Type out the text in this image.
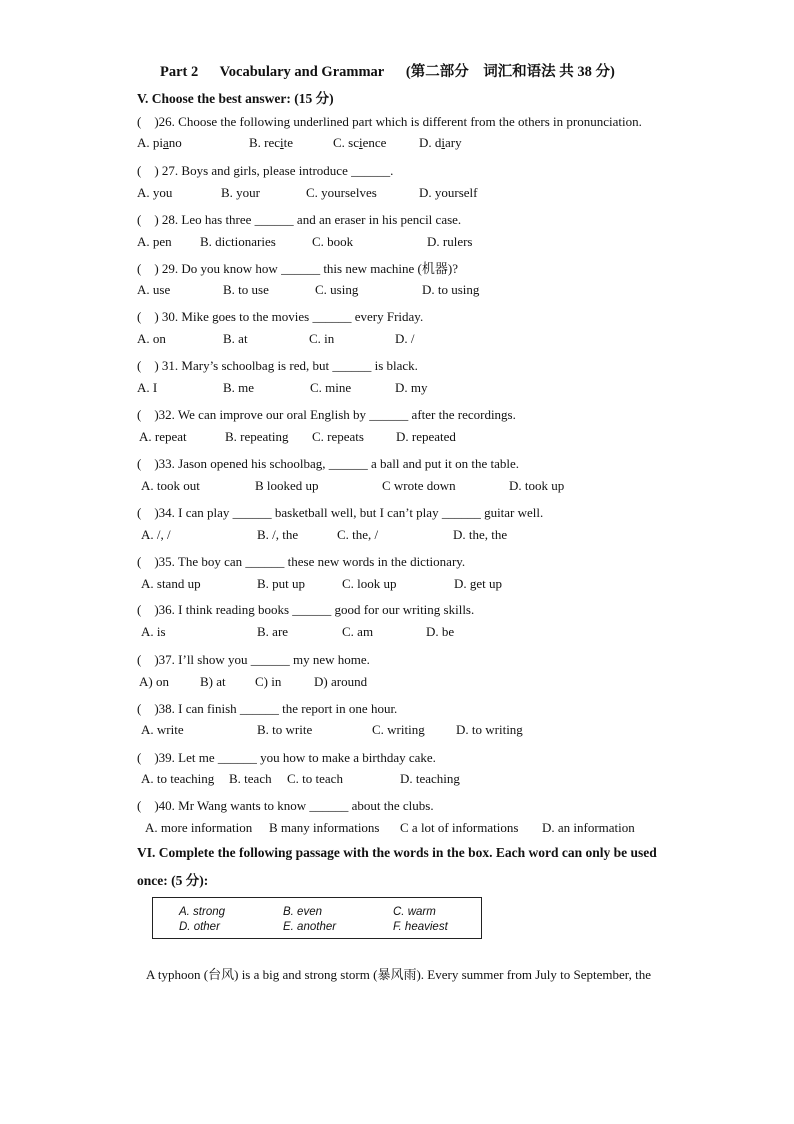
Part 2 Vocabulary and Grammar (第二部分　词汇和语法 共 38 分)
V. Choose the best answer: (15 分)
(　)26. Choose the following underlined part which is different from the others in pronunciation.
A. piano	B. recite	C. science	D. diary
(　) 27. Boys and girls, please introduce ______.
A. you	B. your	C. yourselves	D. yourself
(　) 28. Leo has three ______ and an eraser in his pencil case.
A. pen B. dictionaries	C. book	D. rulers
(　) 29. Do you know how ______ this new machine (机器)?
A. use	B. to use	C. using	D. to using
(　) 30. Mike goes to the movies ______ every Friday.
A. on	B. at	C. in	D. /
(　) 31. Mary’s schoolbag is red, but ______ is black.
A. I	B. me	C. mine	D. my
(　)32. We can improve our oral English by ______ after the recordings.
A. repeat	B. repeating C. repeats D. repeated
(　)33. Jason opened his schoolbag, ______ a ball and put it on the table.
A. took out	B looked up	C wrote down	D. took up
(　)34. I can play ______ basketball well, but I can’t play ______ guitar well.
A. /, /	B. /, the	C. the, /	D. the, the
(　)35. The boy can ______ these new words in the dictionary.
A. stand up	B. put up	C. look up	D. get up
(　)36. I think reading books ______ good for our writing skills.
A. is	B. are	C. am	D. be
(　)37. I’ll show you ______ my new home.
A) on B) at C) in	D) around
(　)38. I can finish ______ the report in one hour.
A. write	B. to write	C. writing D. to writing
(　)39. Let me ______ you how to make a birthday cake.
A. to teaching B. teach C. to teach	D. teaching
(　)40. Mr Wang wants to know ______ about the clubs.
A. more information B many informations C a lot of informations D. an information
VI. Complete the following passage with the words in the box. Each word can only be used
once: (5 分):
A. strong	B. even	C. warm
D. other	E. another	F. heaviest
A typhoon (台风) is a big and strong storm (暴风雨). Every summer from July to September, the
